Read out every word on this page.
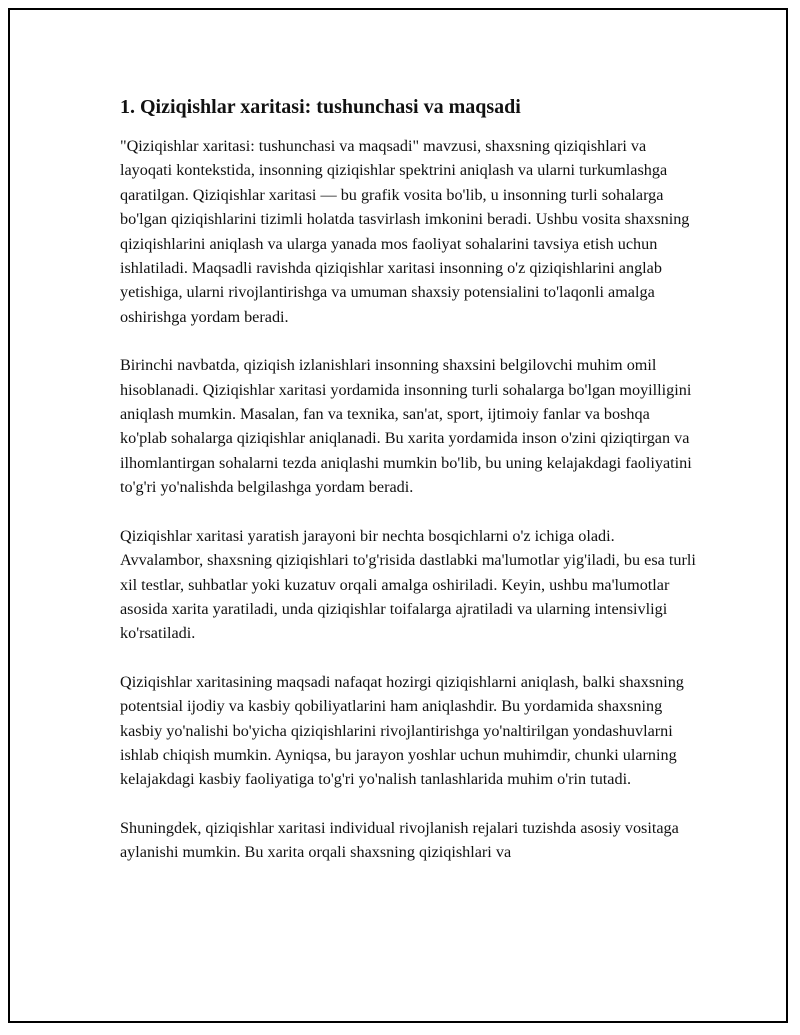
1. Qiziqishlar xaritasi: tushunchasi va maqsadi

"Qiziqishlar xaritasi: tushunchasi va maqsadi" mavzusi, shaxsning qiziqishlari va layoqati kontekstida, insonning qiziqishlar spektrini aniqlash va ularni turkumlashga qaratilgan. Qiziqishlar xaritasi — bu grafik vosita bo'lib, u insonning turli sohalarga bo'lgan qiziqishlarini tizimli holatda tasvirlash imkonini beradi. Ushbu vosita shaxsning qiziqishlarini aniqlash va ularga yanada mos faoliyat sohalarini tavsiya etish uchun ishlatiladi. Maqsadli ravishda qiziqishlar xaritasi insonning o'z qiziqishlarini anglab yetishiga, ularni rivojlantirishga va umuman shaxsiy potensialini to'laqonli amalga oshirishga yordam beradi.

Birinchi navbatda, qiziqish izlanishlari insonning shaxsini belgilovchi muhim omil hisoblanadi. Qiziqishlar xaritasi yordamida insonning turli sohalarga bo'lgan moyilligini aniqlash mumkin. Masalan, fan va texnika, san'at, sport, ijtimoiy fanlar va boshqa ko'plab sohalarga qiziqishlar aniqlanadi. Bu xarita yordamida inson o'zini qiziqtirgan va ilhomlantirgan sohalarni tezda aniqlashi mumkin bo'lib, bu uning kelajakdagi faoliyatini to'g'ri yo'nalishda belgilashga yordam beradi.

Qiziqishlar xaritasi yaratish jarayoni bir nechta bosqichlarni o'z ichiga oladi. Avvalambor, shaxsning qiziqishlari to'g'risida dastlabki ma'lumotlar yig'iladi, bu esa turli xil testlar, suhbatlar yoki kuzatuv orqali amalga oshiriladi. Keyin, ushbu ma'lumotlar asosida xarita yaratiladi, unda qiziqishlar toifalarga ajratiladi va ularning intensivligi ko'rsatiladi.

Qiziqishlar xaritasining maqsadi nafaqat hozirgi qiziqishlarni aniqlash, balki shaxsning potentsial ijodiy va kasbiy qobiliyatlarini ham aniqlashdir. Bu yordamida shaxsning kasbiy yo'nalishi bo'yicha qiziqishlarini rivojlantirishga yo'naltirilgan yondashuvlarni ishlab chiqish mumkin. Ayniqsa, bu jarayon yoshlar uchun muhimdir, chunki ularning kelajakdagi kasbiy faoliyatiga to'g'ri yo'nalish tanlashlarida muhim o'rin tutadi.

Shuningdek, qiziqishlar xaritasi individual rivojlanish rejalari tuzishda asosiy vositaga aylanishi mumkin. Bu xarita orqali shaxsning qiziqishlari va
